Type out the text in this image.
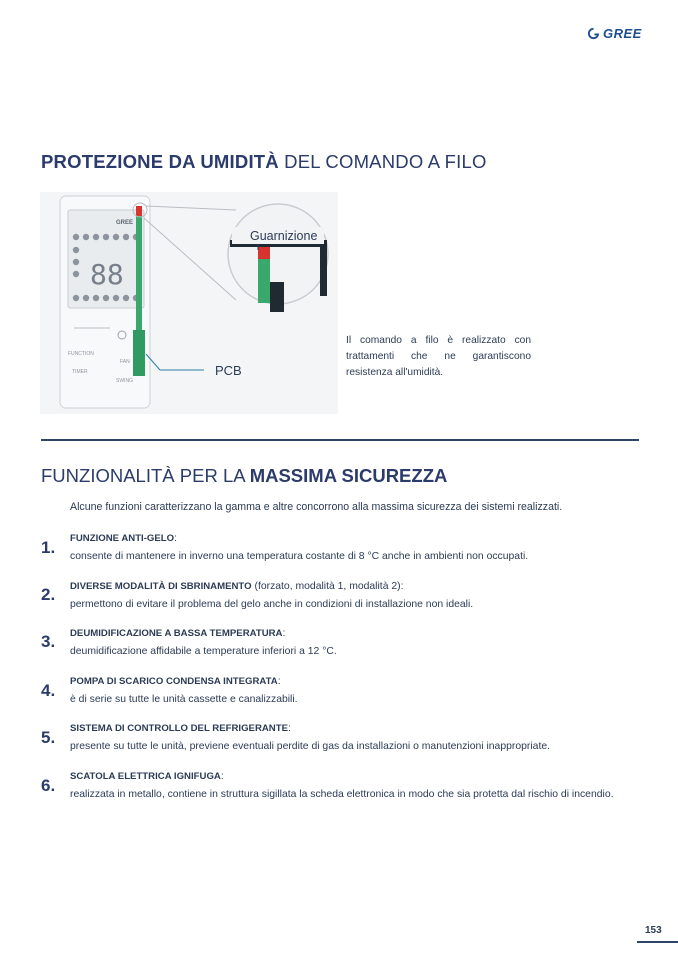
GREE
PROTEZIONE DA UMIDITÀ DEL COMANDO A FILO
GREE
88
FUNCTION
FAN
TIMER
SWING
Guarnizione
PCB
Il comando a filo è realizzato con trattamenti che ne garantiscono resistenza all'umidità.
FUNZIONALITÀ PER LA MASSIMA SICUREZZA
Alcune funzioni caratterizzano la gamma e altre concorrono alla massima sicurezza dei sistemi realizzati.
1. FUNZIONE ANTI-GELO:
consente di mantenere in inverno una temperatura costante di 8 °C anche in ambienti non occupati.
2. DIVERSE MODALITÀ DI SBRINAMENTO (forzato, modalità 1, modalità 2):
permettono di evitare il problema del gelo anche in condizioni di installazione non ideali.
3. DEUMIDIFICAZIONE A BASSA TEMPERATURA:
deumidificazione affidabile a temperature inferiori a 12 °C.
4. POMPA DI SCARICO CONDENSA INTEGRATA:
è di serie su tutte le unità cassette e canalizzabili.
5. SISTEMA DI CONTROLLO DEL REFRIGERANTE:
presente su tutte le unità, previene eventuali perdite di gas da installazioni o manutenzioni inappropriate.
6. SCATOLA ELETTRICA IGNIFUGA:
realizzata in metallo, contiene in struttura sigillata la scheda elettronica in modo che sia protetta dal rischio di incendio.
153
